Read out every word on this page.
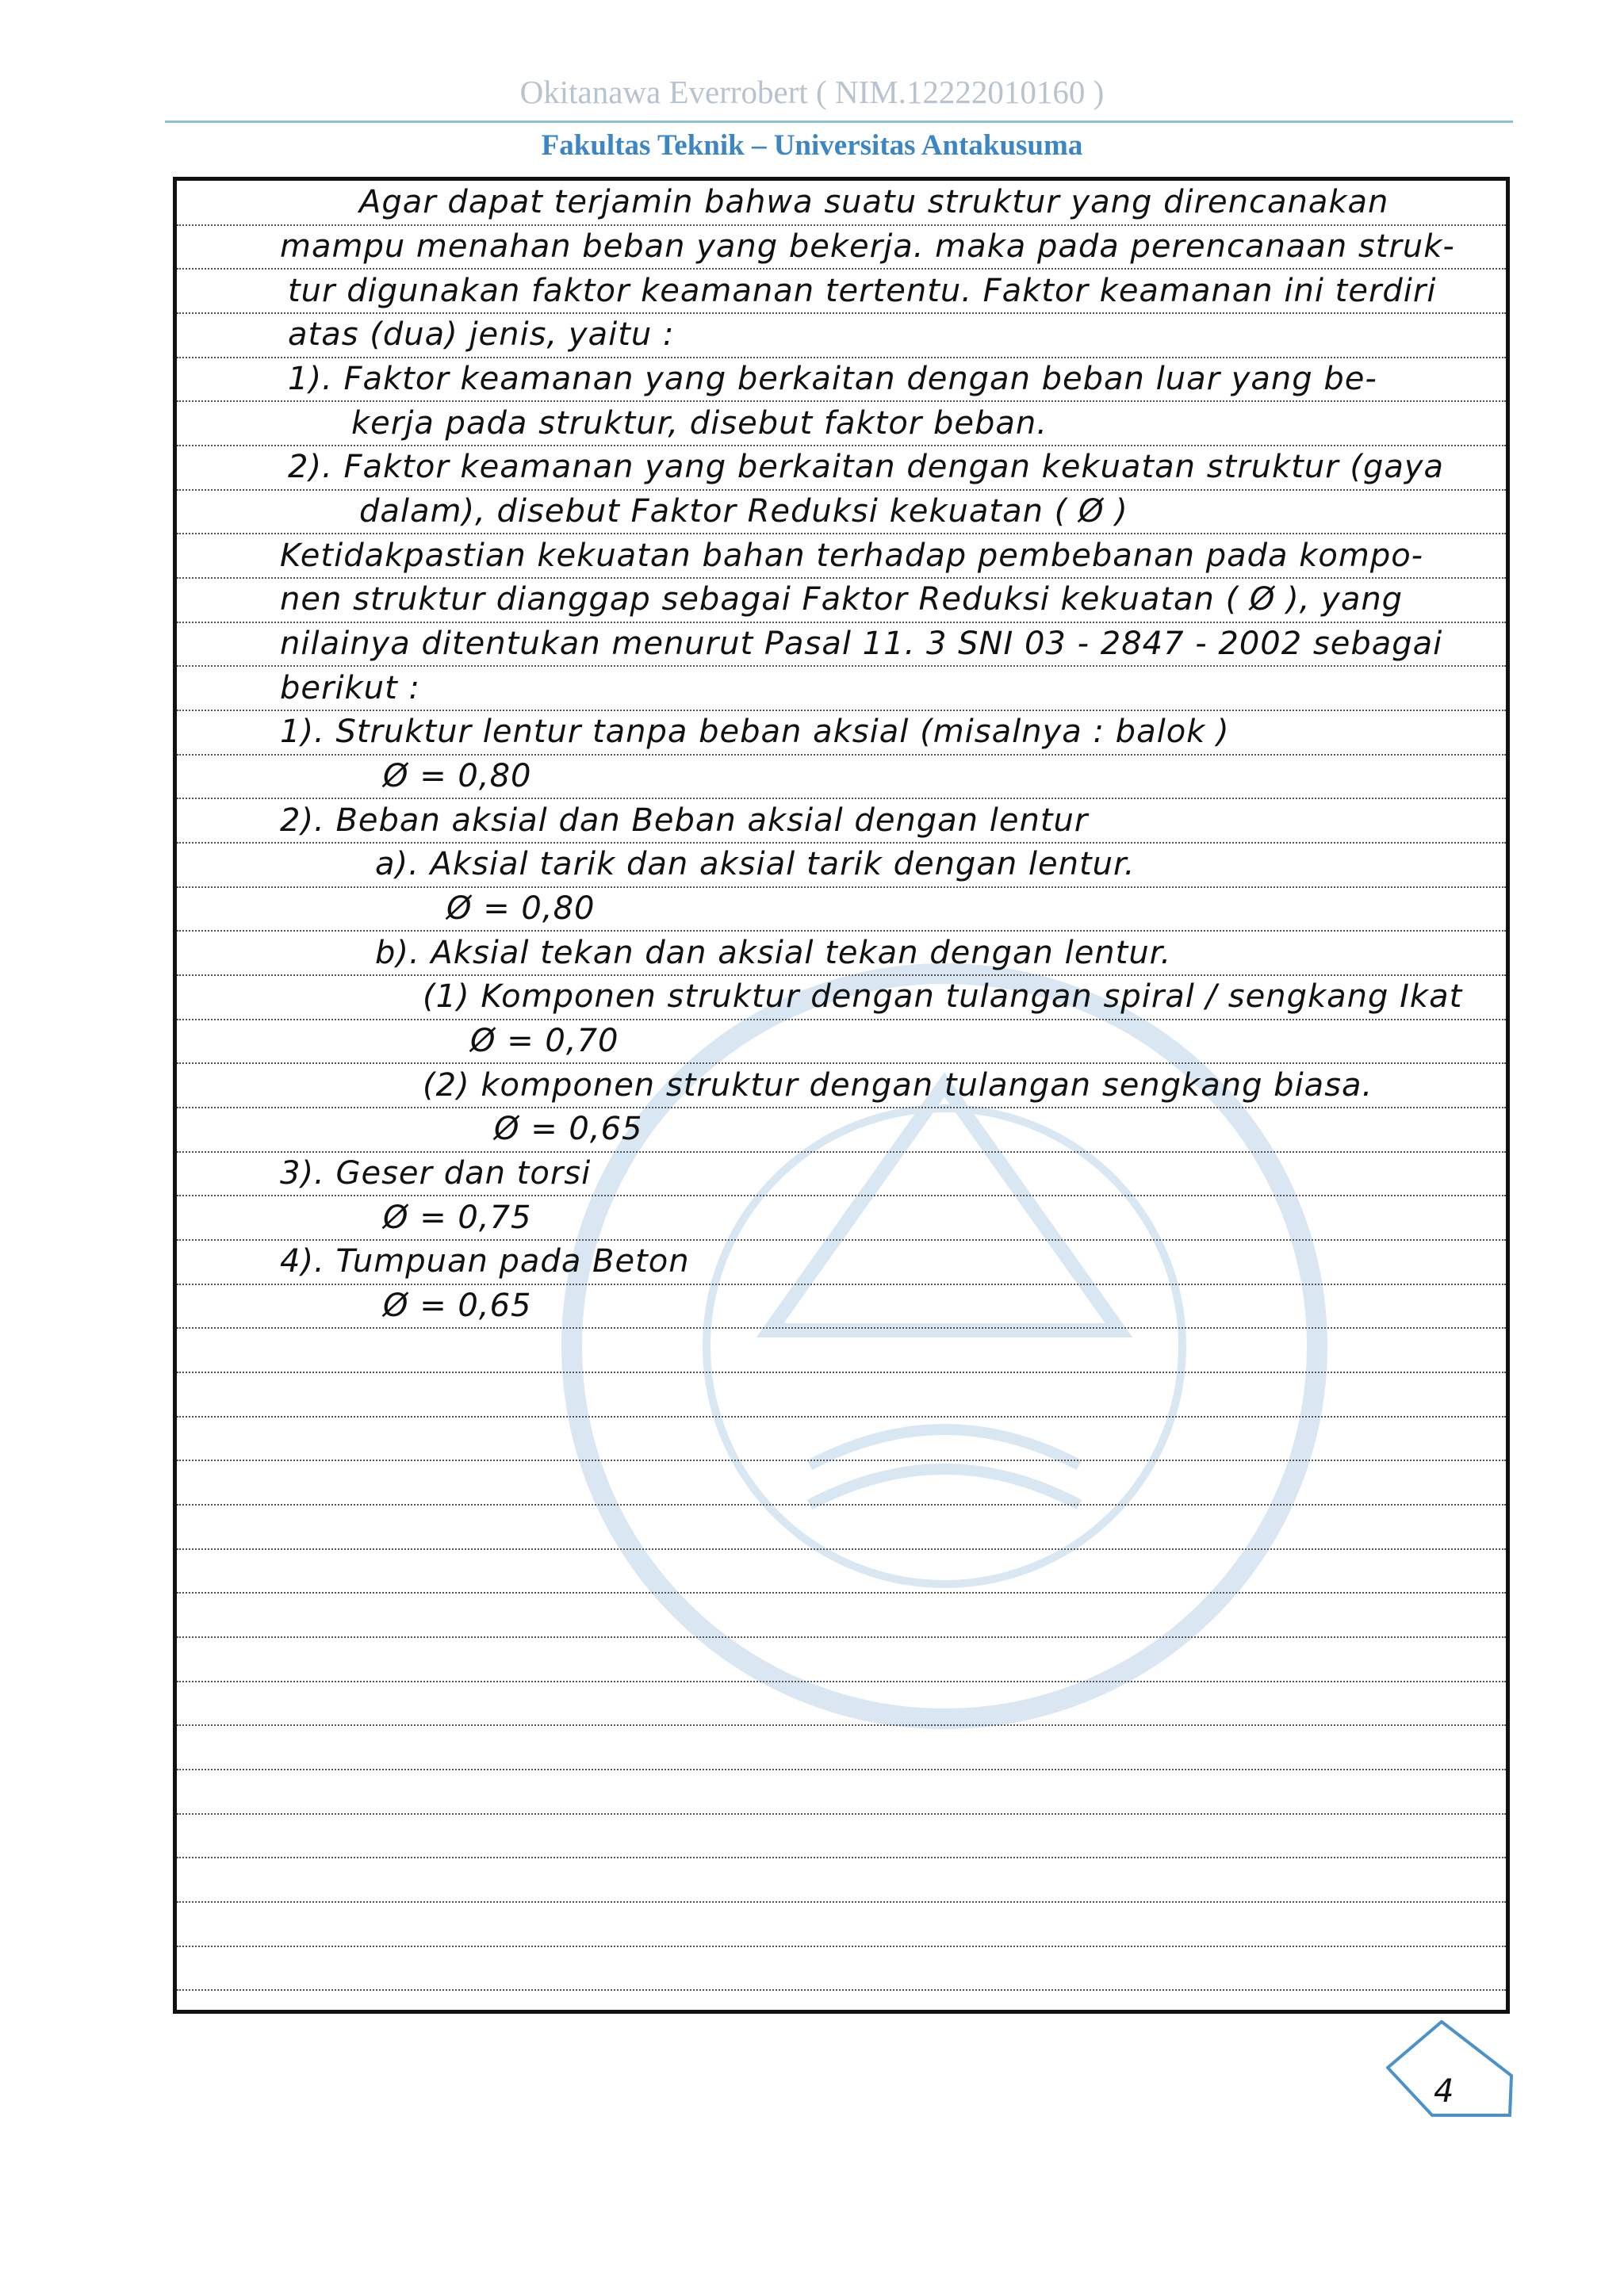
Okitanawa Everrobert ( NIM.12222010160 )
Fakultas Teknik – Universitas Antakusuma
Agar dapat terjamin bahwa suatu struktur yang direncanakan
mampu menahan beban yang bekerja. maka pada perencanaan struk-
tur digunakan faktor keamanan tertentu. Faktor keamanan ini terdiri
atas (dua) jenis, yaitu :
1). Faktor keamanan yang berkaitan dengan beban luar yang be-
kerja pada struktur, disebut faktor beban.
2). Faktor keamanan yang berkaitan dengan kekuatan struktur (gaya
dalam), disebut Faktor Reduksi kekuatan ( Ø )
Ketidakpastian kekuatan bahan terhadap pembebanan pada kompo-
nen struktur dianggap sebagai Faktor Reduksi kekuatan ( Ø ), yang
nilainya ditentukan menurut Pasal 11. 3 SNI 03 - 2847 - 2002 sebagai
berikut :
1). Struktur lentur tanpa beban aksial (misalnya : balok )
Ø = 0,80
2). Beban aksial dan Beban aksial dengan lentur
a). Aksial tarik dan aksial tarik dengan lentur.
Ø = 0,80
b). Aksial tekan dan aksial tekan dengan lentur.
(1) Komponen struktur dengan tulangan spiral / sengkang Ikat
Ø = 0,70
(2) komponen struktur dengan tulangan sengkang biasa.
Ø = 0,65
3). Geser dan torsi
Ø = 0,75
4). Tumpuan pada Beton
Ø = 0,65
4
